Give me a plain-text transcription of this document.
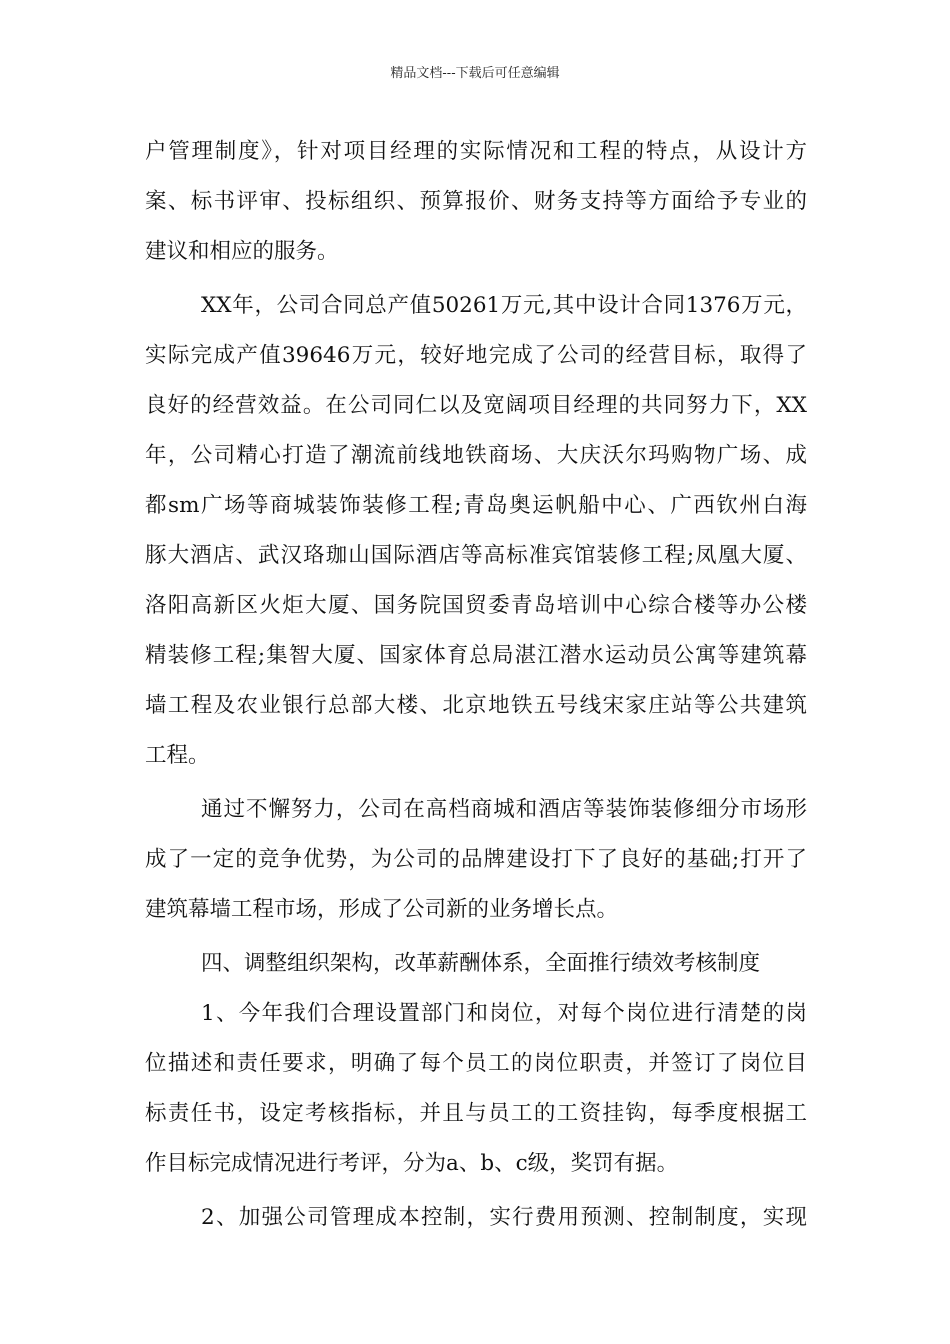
精品文档---下载后可任意编辑
户管理制度》，针对项目经理的实际情况和工程的特点，从设计方
案、标书评审、投标组织、预算报价、财务支持等方面给予专业的
建议和相应的服务。
XX年，公司合同总产值50261万元,其中设计合同1376万元，
实际完成产值39646万元，较好地完成了公司的经营目标，取得了
良好的经营效益。在公司同仁以及宽阔项目经理的共同努力下，XX
年，公司精心打造了潮流前线地铁商场、大庆沃尔玛购物广场、成
都sm广场等商城装饰装修工程;青岛奥运帆船中心、广西钦州白海
豚大酒店、武汉珞珈山国际酒店等高标准宾馆装修工程;凤凰大厦、
洛阳高新区火炬大厦、国务院国贸委青岛培训中心综合楼等办公楼
精装修工程;集智大厦、国家体育总局湛江潜水运动员公寓等建筑幕
墙工程及农业银行总部大楼、北京地铁五号线宋家庄站等公共建筑
工程。
通过不懈努力，公司在高档商城和酒店等装饰装修细分市场形
成了一定的竞争优势，为公司的品牌建设打下了良好的基础;打开了
建筑幕墙工程市场，形成了公司新的业务增长点。
四、调整组织架构，改革薪酬体系，全面推行绩效考核制度
1、今年我们合理设置部门和岗位，对每个岗位进行清楚的岗
位描述和责任要求，明确了每个员工的岗位职责，并签订了岗位目
标责任书，设定考核指标，并且与员工的工资挂钩，每季度根据工
作目标完成情况进行考评，分为a、b、c级，奖罚有据。
2、加强公司管理成本控制，实行费用预测、控制制度，实现
